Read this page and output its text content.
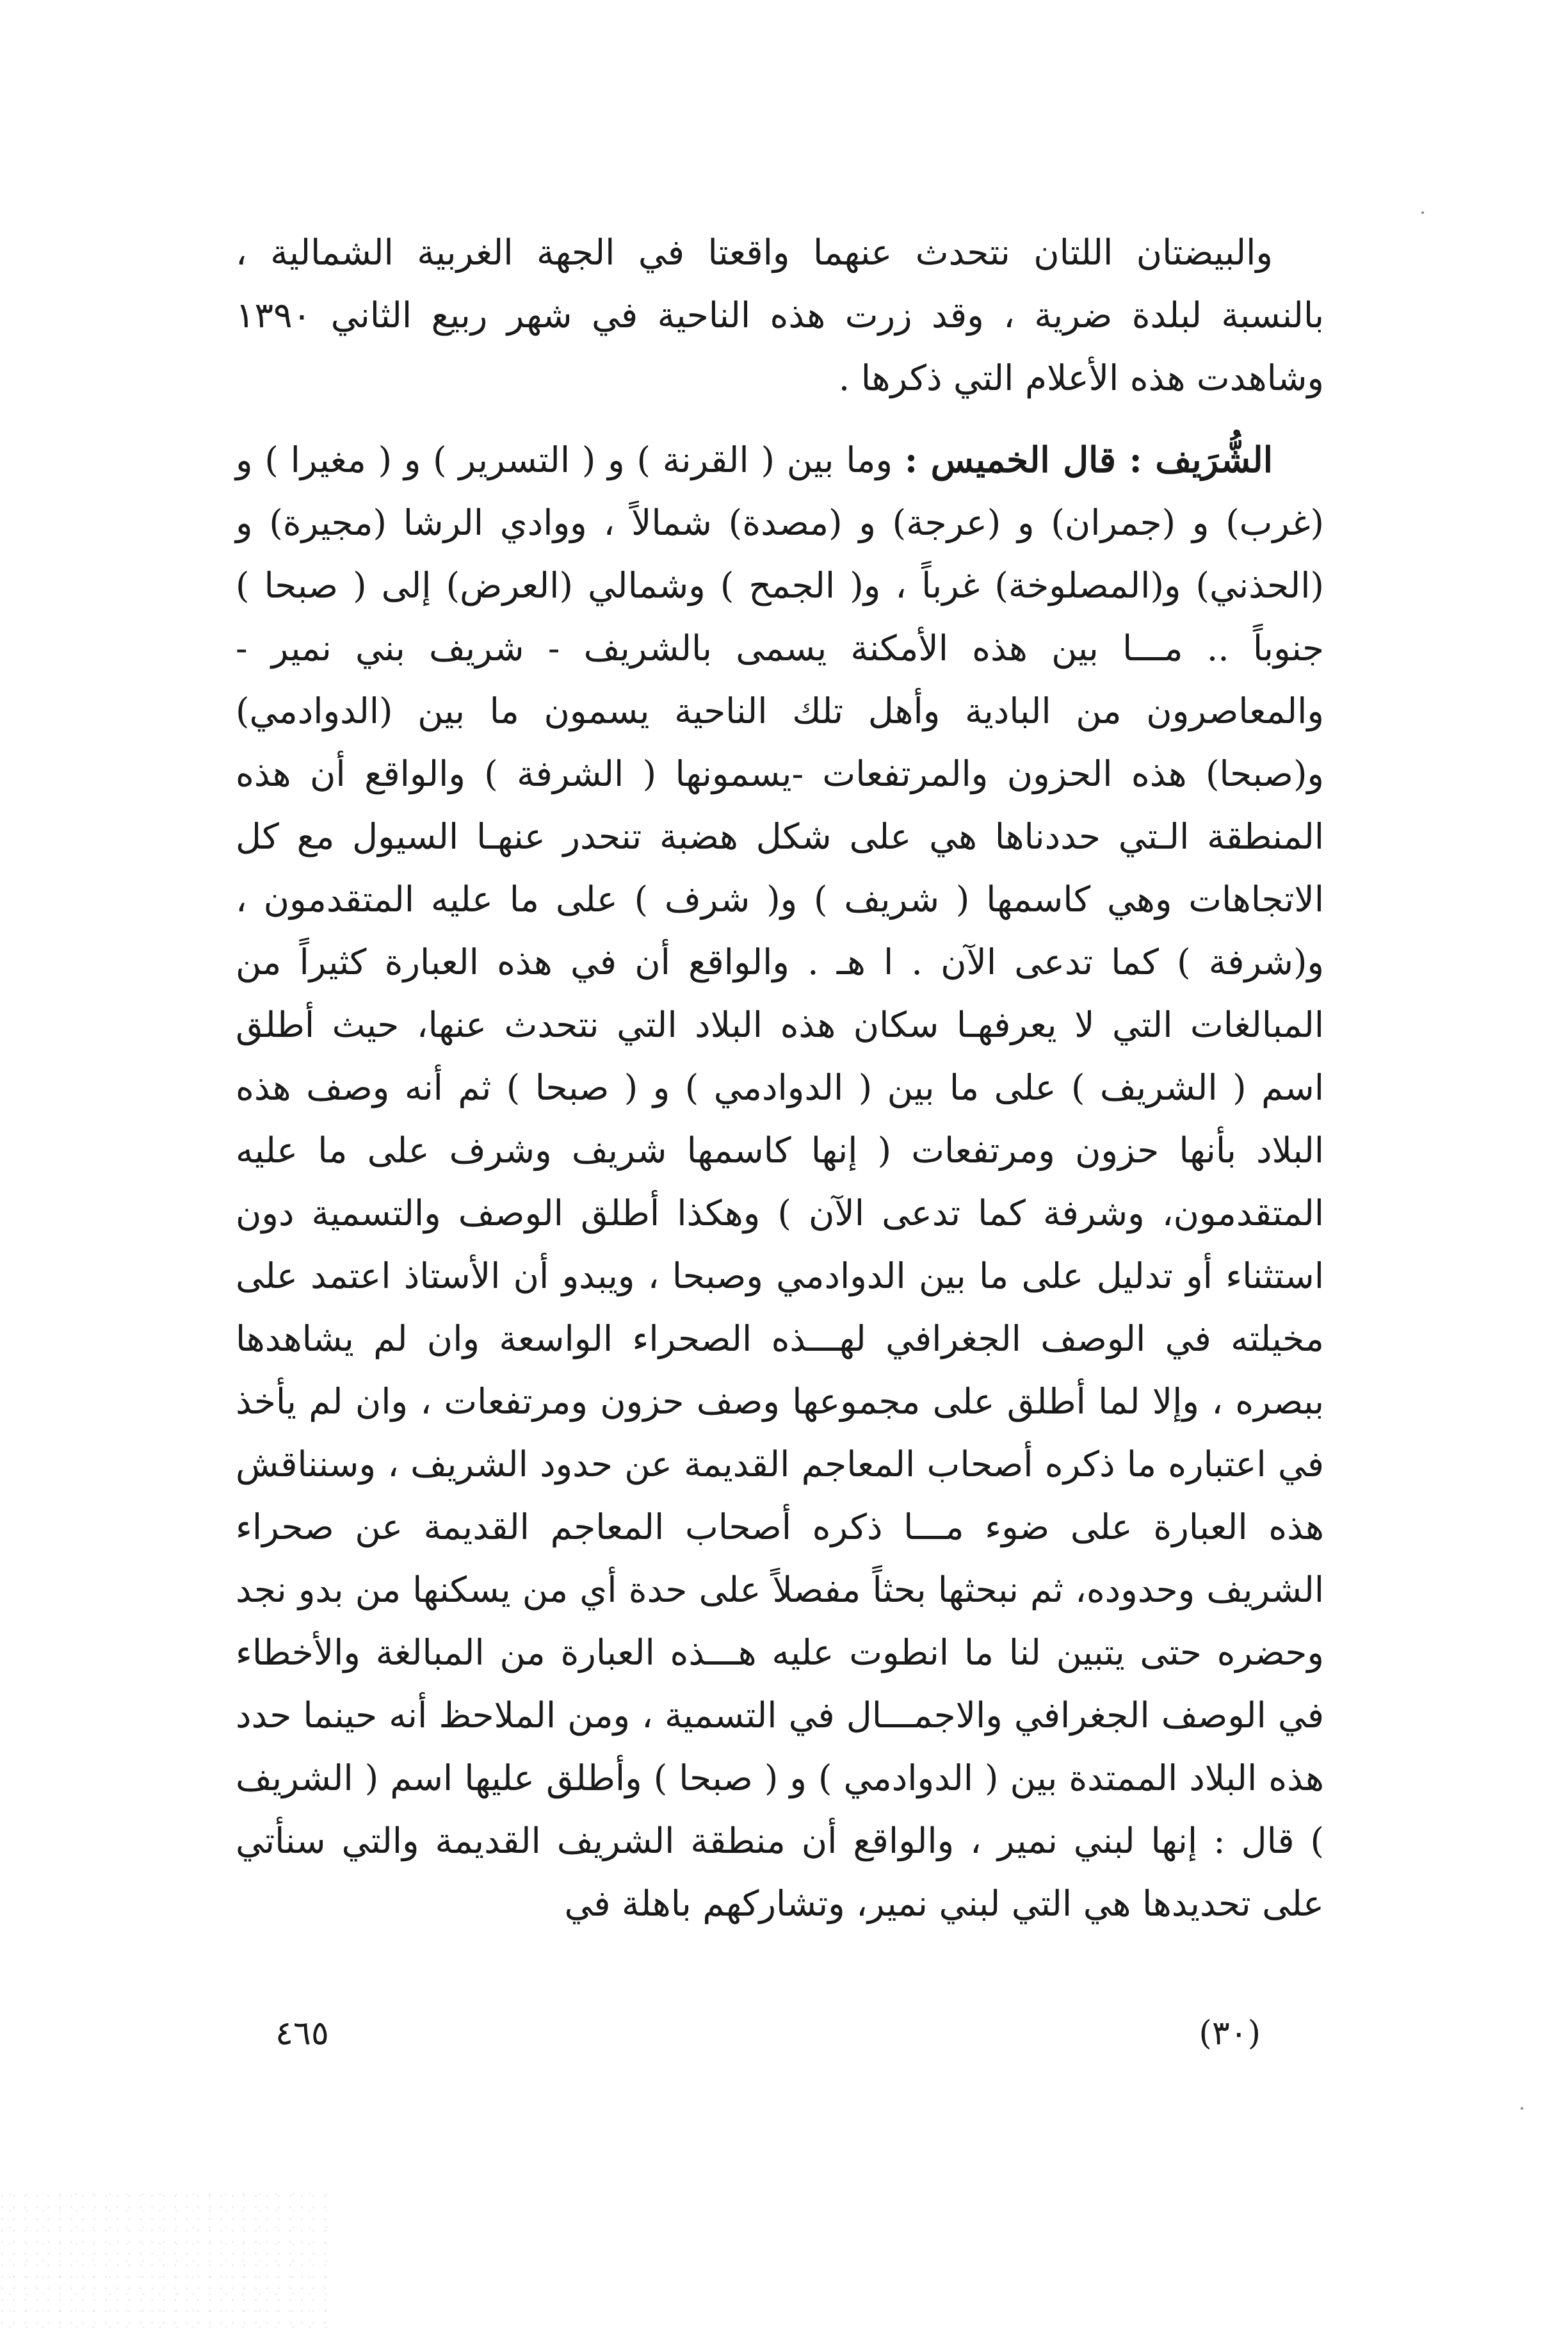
والبيضتان اللتان نتحدث عنهما واقعتا في الجهة الغربية الشمالية ، بالنسبة لبلدة ضرية ، وقد زرت هذه الناحية في شهر ربيع الثاني ١٣٩٠ وشاهدت هذه الأعلام التي ذكرها .

الشُّرَيف : قال الخميس : وما بين ( القرنة ) و ( التسرير ) و ( مغيرا ) و (غرب) و (جمران) و (عرجة) و (مصدة) شمالاً ، ووادي الرشا (مجيرة) و (الحذني) و(المصلوخة) غرباً ، و( الجمح ) وشمالي (العرض) إلى ( صبحا ) جنوباً .. مـــا بين هذه الأمكنة يسمى بالشريف - شريف بني نمير - والمعاصرون من البادية وأهل تلك الناحية يسمون ما بين (الدوادمي) و(صبحا) هذه الحزون والمرتفعات -يسمونها ( الشرفة ) والواقع أن هذه المنطقة الـتي حددناها هي على شكل هضبة تنحدر عنهـا السيول مع كل الاتجاهات وهي كاسمها ( شريف ) و( شرف ) على ما عليه المتقدمون ، و(شرفة ) كما تدعى الآن . ا هـ . والواقع أن في هذه العبارة كثيراً من المبالغات التي لا يعرفهـا سكان هذه البلاد التي نتحدث عنها، حيث أطلق اسم ( الشريف ) على ما بين ( الدوادمي ) و ( صبحا ) ثم أنه وصف هذه البلاد بأنها حزون ومرتفعات ( إنها كاسمها شريف وشرف على ما عليه المتقدمون، وشرفة كما تدعى الآن ) وهكذا أطلق الوصف والتسمية دون استثناء أو تدليل على ما بين الدوادمي وصبحا ، ويبدو أن الأستاذ اعتمد على مخيلته في الوصف الجغرافي لهـــذه الصحراء الواسعة وان لم يشاهدها ببصره ، وإلا لما أطلق على مجموعها وصف حزون ومرتفعات ، وان لم يأخذ في اعتباره ما ذكره أصحاب المعاجم القديمة عن حدود الشريف ، وسنناقش هذه العبارة على ضوء مـــا ذكره أصحاب المعاجم القديمة عن صحراء الشريف وحدوده، ثم نبحثها بحثاً مفصلاً على حدة أي من يسكنها من بدو نجد وحضره حتى يتبين لنا ما انطوت عليه هـــذه العبارة من المبالغة والأخطاء في الوصف الجغرافي والاجمـــال في التسمية ، ومن الملاحظ أنه حينما حدد هذه البلاد الممتدة بين ( الدوادمي ) و ( صبحا ) وأطلق عليها اسم ( الشريف ) قال : إنها لبني نمير ، والواقع أن منطقة الشريف القديمة والتي سنأتي على تحديدها هي التي لبني نمير، وتشاركهم باهلة في

(٣٠)
٤٦٥
